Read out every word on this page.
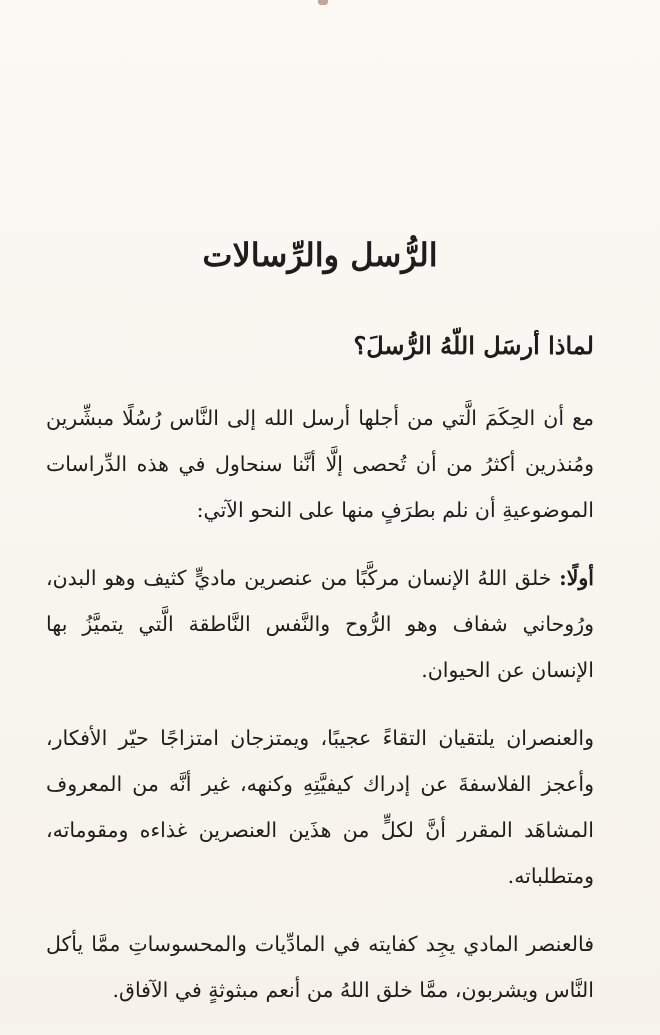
الرُّسل والرِّسالات
لماذا أرسَل اللّهُ الرُّسلَ؟

مع أن الحِكَمَ الَّتي من أجلها أرسل الله إلى النَّاس رُسُلًا مبشِّرين ومُنذرين أكثرُ من أن تُحصى إلَّا أنَّنا سنحاول في هذه الدِّراسات الموضوعيةِ أن نلم بطرَفٍ منها على النحو الآتي:

أولًا: خلق اللهُ الإنسان مركَّبًا من عنصرين ماديٍّ كثيف وهو البدن، ورُوحاني شفاف وهو الرُّوح والنَّفس النَّاطقة الَّتي يتميَّزُ بها الإنسان عن الحيوان.

والعنصران يلتقيان التقاءً عجيبًا، ويمتزجان امتزاجًا حيّر الأفكار، وأعجز الفلاسفةَ عن إدراك كيفيَّتِهِ وكنهه، غير أنَّه من المعروف المشاهَد المقرر أنَّ لكلٍّ من هذَين العنصرين غذاءه ومقوماته، ومتطلباته.

فالعنصر المادي يجِد كفايته في المادِّيات والمحسوساتِ ممَّا يأكل النَّاس ويشربون، ممَّا خلق اللهُ من أنعم مبثوثةٍ في الآفاق.
